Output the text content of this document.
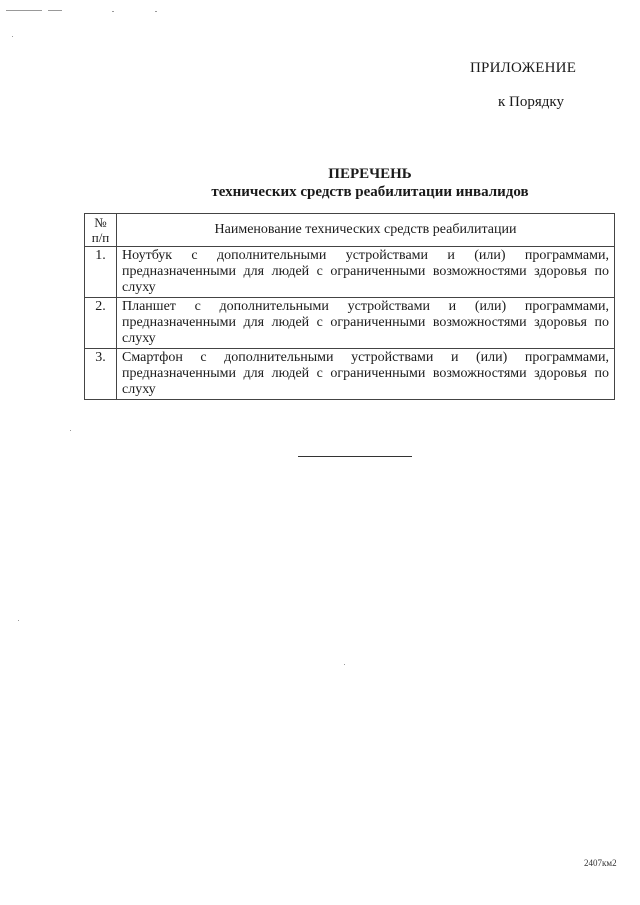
ПРИЛОЖЕНИЕ
к Порядку
ПЕРЕЧЕНЬ
технических средств реабилитации инвалидов
№ п/п	Наименование технических средств реабилитации
1.	Ноутбук с дополнительными устройствами и (или) программами, предназначенными для людей с ограниченными возможностями здоровья по слуху
2.	Планшет с дополнительными устройствами и (или) программами, предназначенными для людей с ограниченными возможностями здоровья по слуху
3.	Смартфон с дополнительными устройствами и (или) программами, предназначенными для людей с ограниченными возможностями здоровья по слуху
2407км2
